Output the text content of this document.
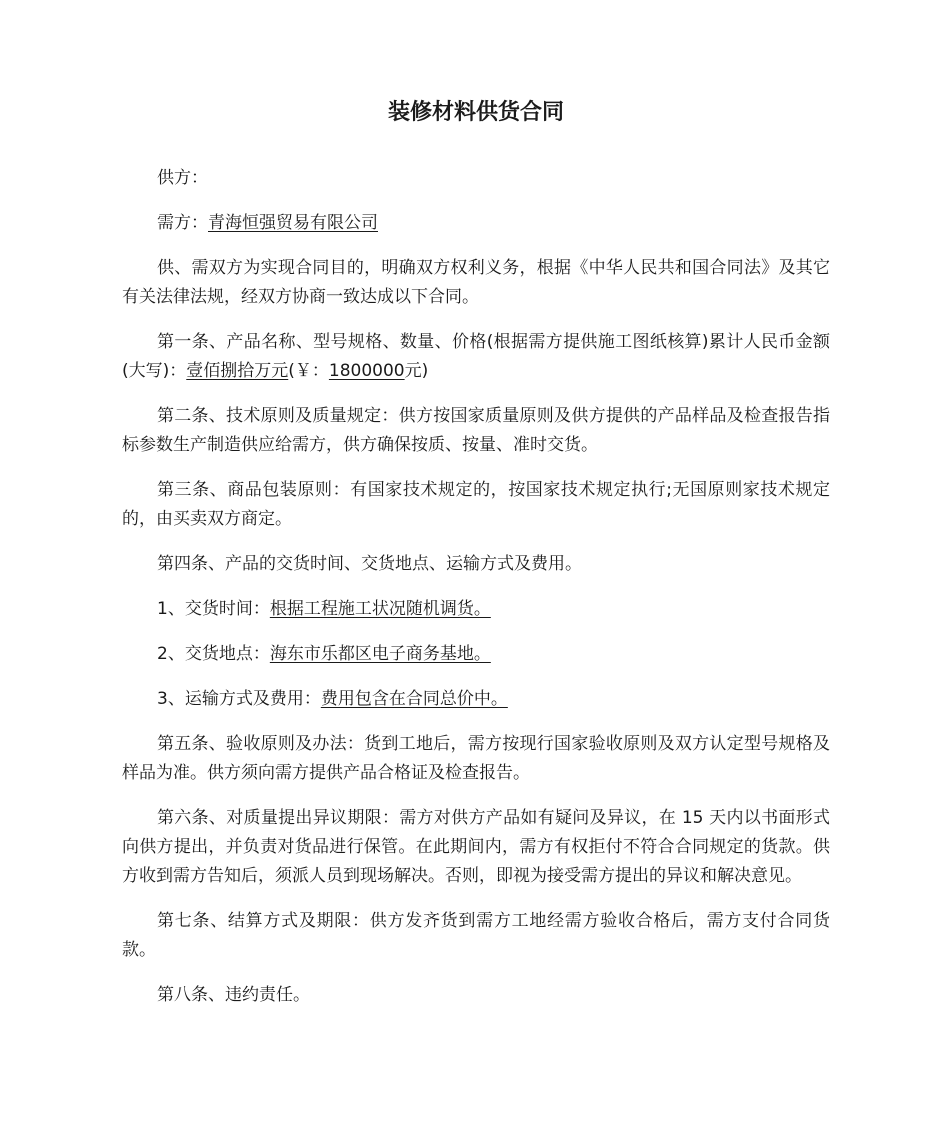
装修材料供货合同

供方：

需方：青海恒强贸易有限公司

供、需双方为实现合同目的，明确双方权利义务，根据《中华人民共和国合同法》及其它有关法律法规，经双方协商一致达成以下合同。

第一条、产品名称、型号规格、数量、价格(根据需方提供施工图纸核算)累计人民币金额(大写)：壹佰捌拾万元(￥：1800000元)

第二条、技术原则及质量规定：供方按国家质量原则及供方提供的产品样品及检查报告指标参数生产制造供应给需方，供方确保按质、按量、准时交货。

第三条、商品包装原则：有国家技术规定的，按国家技术规定执行;无国原则家技术规定的，由买卖双方商定。

第四条、产品的交货时间、交货地点、运输方式及费用。

1、交货时间：根据工程施工状况随机调货。

2、交货地点：海东市乐都区电子商务基地。

3、运输方式及费用：费用包含在合同总价中。

第五条、验收原则及办法：货到工地后，需方按现行国家验收原则及双方认定型号规格及样品为准。供方须向需方提供产品合格证及检查报告。

第六条、对质量提出异议期限：需方对供方产品如有疑问及异议，在 15 天内以书面形式向供方提出，并负责对货品进行保管。在此期间内，需方有权拒付不符合合同规定的货款。供方收到需方告知后，须派人员到现场解决。否则，即视为接受需方提出的异议和解决意见。

第七条、结算方式及期限：供方发齐货到需方工地经需方验收合格后，需方支付合同货款。

第八条、违约责任。
